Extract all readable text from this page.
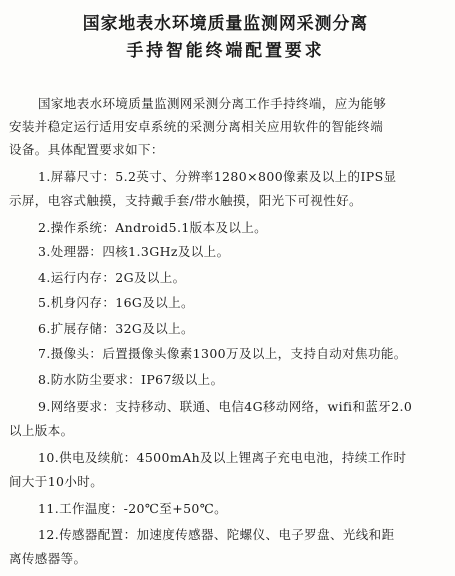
国家地表水环境质量监测网采测分离
手持智能终端配置要求
国家地表水环境质量监测网采测分离工作手持终端，应为能够
安装并稳定运行适用安卓系统的采测分离相关应用软件的智能终端
设备。具体配置要求如下：
1.屏幕尺寸：5.2英寸、分辨率1280×800像素及以上的IPS显
示屏，电容式触摸，支持戴手套/带水触摸，阳光下可视性好。
2.操作系统：Android5.1版本及以上。
3.处理器：四核1.3GHz及以上。
4.运行内存：2G及以上。
5.机身闪存：16G及以上。
6.扩展存储：32G及以上。
7.摄像头：后置摄像头像素1300万及以上，支持自动对焦功能。
8.防水防尘要求：IP67级以上。
9.网络要求：支持移动、联通、电信4G移动网络，wifi和蓝牙2.0
以上版本。
10.供电及续航：4500mAh及以上锂离子充电电池，持续工作时
间大于10小时。
11.工作温度：-20℃至+50℃。
12.传感器配置：加速度传感器、陀螺仪、电子罗盘、光线和距
离传感器等。
